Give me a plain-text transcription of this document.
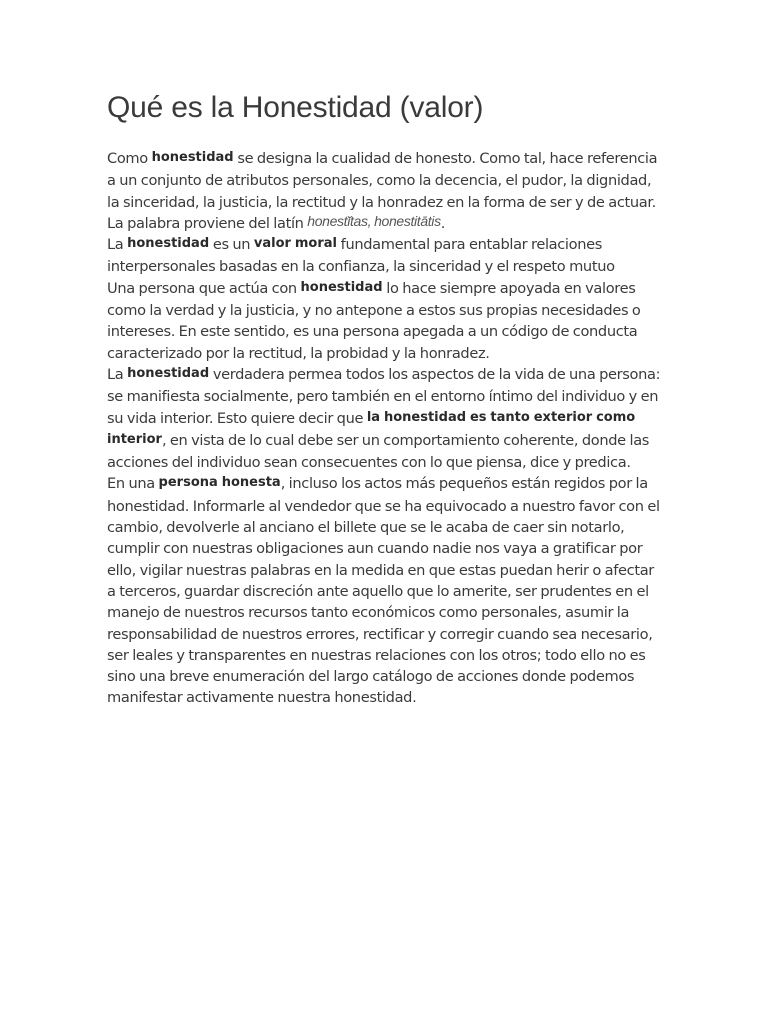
Qué es la Honestidad (valor)

Como honestidad se designa la cualidad de honesto. Como tal, hace referencia a un conjunto de atributos personales, como la decencia, el pudor, la dignidad, la sinceridad, la justicia, la rectitud y la honradez en la forma de ser y de actuar. La palabra proviene del latín honestĭtas, honestitātis.

La honestidad es un valor moral fundamental para entablar relaciones interpersonales basadas en la confianza, la sinceridad y el respeto mutuo

Una persona que actúa con honestidad lo hace siempre apoyada en valores como la verdad y la justicia, y no antepone a estos sus propias necesidades o intereses. En este sentido, es una persona apegada a un código de conducta caracterizado por la rectitud, la probidad y la honradez.

La honestidad verdadera permea todos los aspectos de la vida de una persona: se manifiesta socialmente, pero también en el entorno íntimo del individuo y en su vida interior. Esto quiere decir que la honestidad es tanto exterior como interior, en vista de lo cual debe ser un comportamiento coherente, donde las acciones del individuo sean consecuentes con lo que piensa, dice y predica.

En una persona honesta, incluso los actos más pequeños están regidos por la honestidad. Informarle al vendedor que se ha equivocado a nuestro favor con el cambio, devolverle al anciano el billete que se le acaba de caer sin notarlo, cumplir con nuestras obligaciones aun cuando nadie nos vaya a gratificar por ello, vigilar nuestras palabras en la medida en que estas puedan herir o afectar a terceros, guardar discreción ante aquello que lo amerite, ser prudentes en el manejo de nuestros recursos tanto económicos como personales, asumir la responsabilidad de nuestros errores, rectificar y corregir cuando sea necesario, ser leales y transparentes en nuestras relaciones con los otros; todo ello no es sino una breve enumeración del largo catálogo de acciones donde podemos manifestar activamente nuestra honestidad.
